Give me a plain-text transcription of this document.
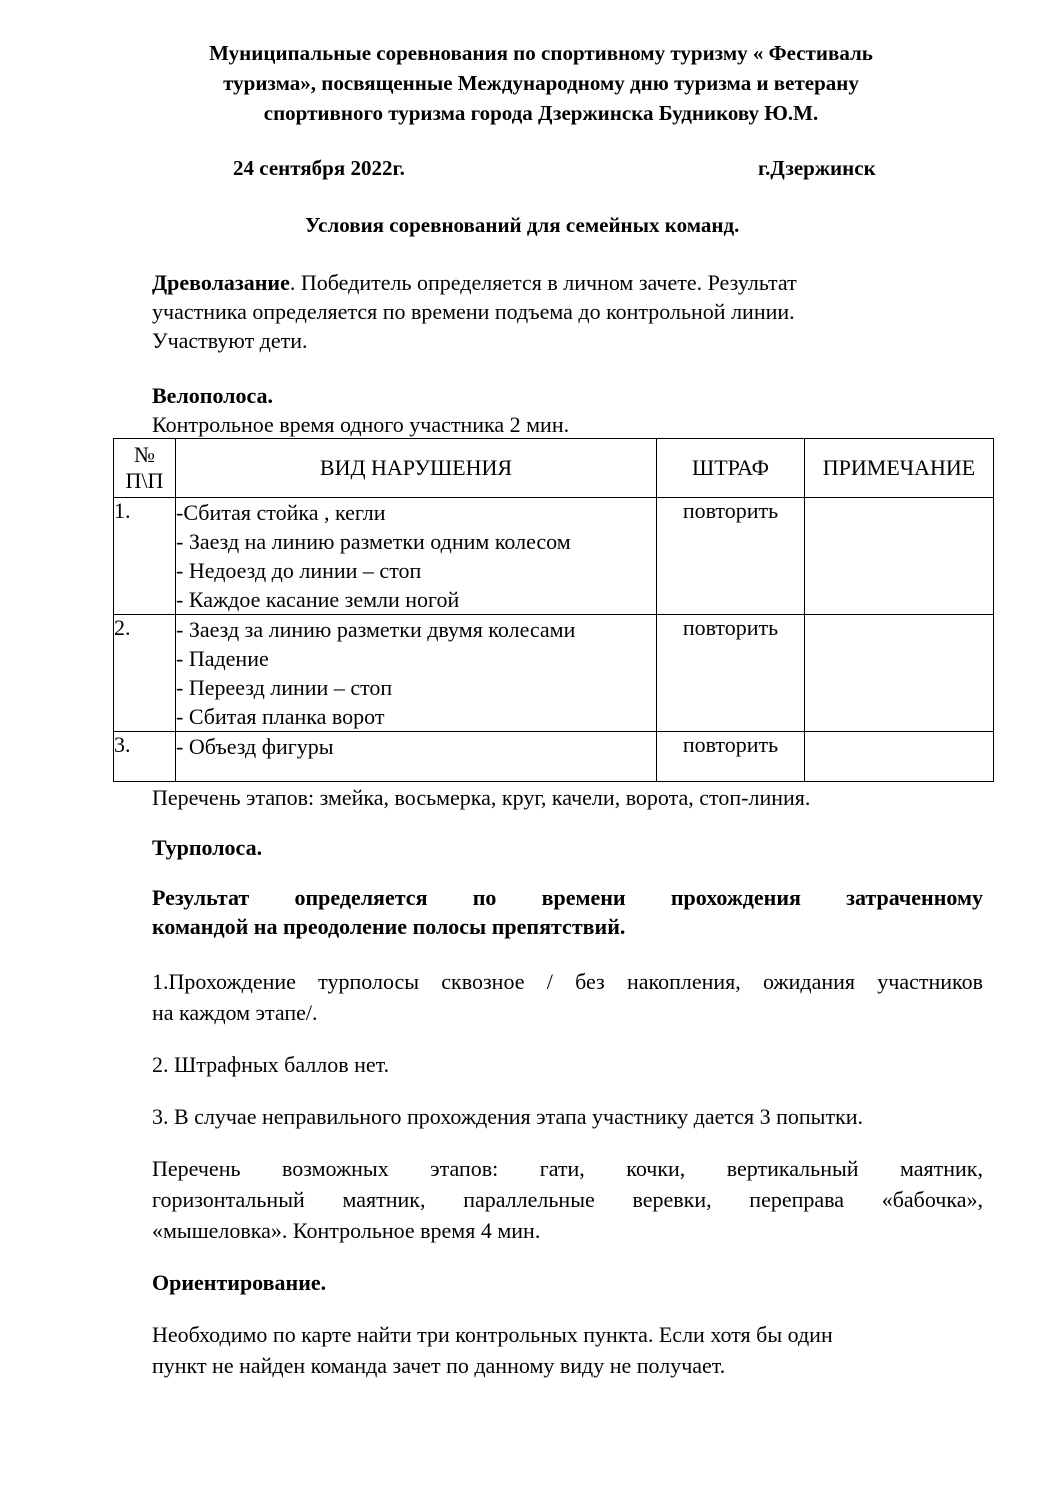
Муниципальные соревнования по спортивному туризму « Фестиваль
туризма», посвященные Международному дню туризма и ветерану
спортивного туризма города Дзержинска Будникову Ю.М.
24 сентября 2022г.	г.Дзержинск
Условия соревнований для семейных команд.
Древолазание. Победитель определяется в личном зачете. Результат
участника определяется по времени подъема до контрольной линии.
Участвуют дети.
Велополоса.
Контрольное время одного участника 2 мин.
№
П\П	ВИД НАРУШЕНИЯ	ШТРАФ	ПРИМЕЧАНИЕ
1.	-Сбитая стойка , кегли
- Заезд на линию разметки одним колесом
- Недоезд до линии – стоп
- Каждое касание земли ногой	повторить	
2.	- Заезд за линию разметки двумя колесами
- Падение
- Переезд линии – стоп
- Сбитая планка ворот	повторить	
3.	- Объезд фигуры	повторить	
Перечень этапов: змейка, восьмерка, круг, качели, ворота, стоп-линия.
Турполоса.
Результат определяется по времени прохождения затраченному
командой на преодоление полосы препятствий.
1.Прохождение турполосы сквозное / без накопления, ожидания участников
на каждом этапе/.
2. Штрафных баллов нет.
3. В случае неправильного прохождения этапа участнику дается 3 попытки.
Перечень возможных этапов: гати, кочки, вертикальный маятник,
горизонтальный маятник, параллельные веревки, переправа «бабочка»,
«мышеловка». Контрольное время 4 мин.
Ориентирование.
Необходимо по карте найти три контрольных пункта. Если хотя бы один
пункт не найден команда зачет по данному виду не получает.
